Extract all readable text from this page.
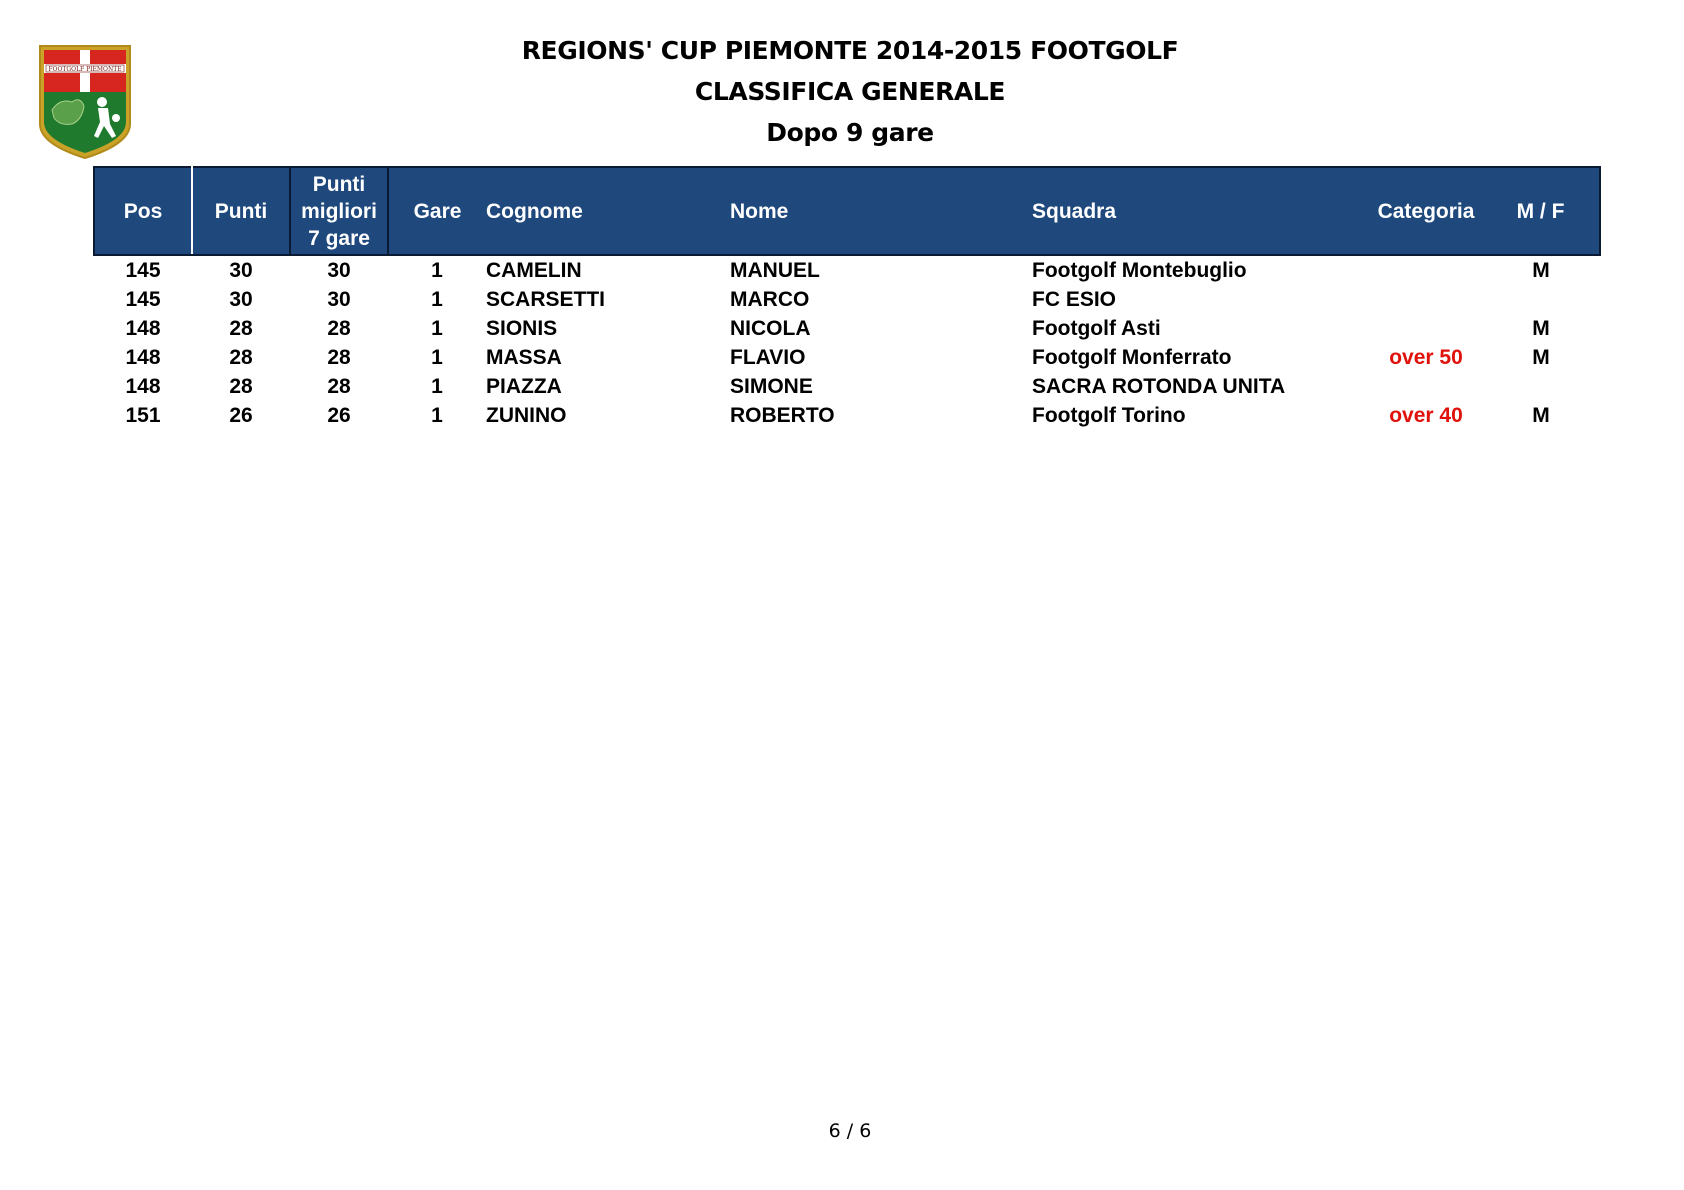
FOOTGOLF PIEMONTE
REGIONS' CUP PIEMONTE 2014-2015 FOOTGOLF
CLASSIFICA GENERALE
Dopo 9 gare
Pos	Punti	Punti
migliori
7 gare	Gare	Cognome	Nome	Squadra	Categoria	M / F
145	30	30	1	CAMELIN	MANUEL	Footgolf Montebuglio		M
145	30	30	1	SCARSETTI	MARCO	FC ESIO		
148	28	28	1	SIONIS	NICOLA	Footgolf Asti		M
148	28	28	1	MASSA	FLAVIO	Footgolf Monferrato	over 50	M
148	28	28	1	PIAZZA	SIMONE	SACRA ROTONDA UNITA		
151	26	26	1	ZUNINO	ROBERTO	Footgolf Torino	over 40	M
6 / 6
